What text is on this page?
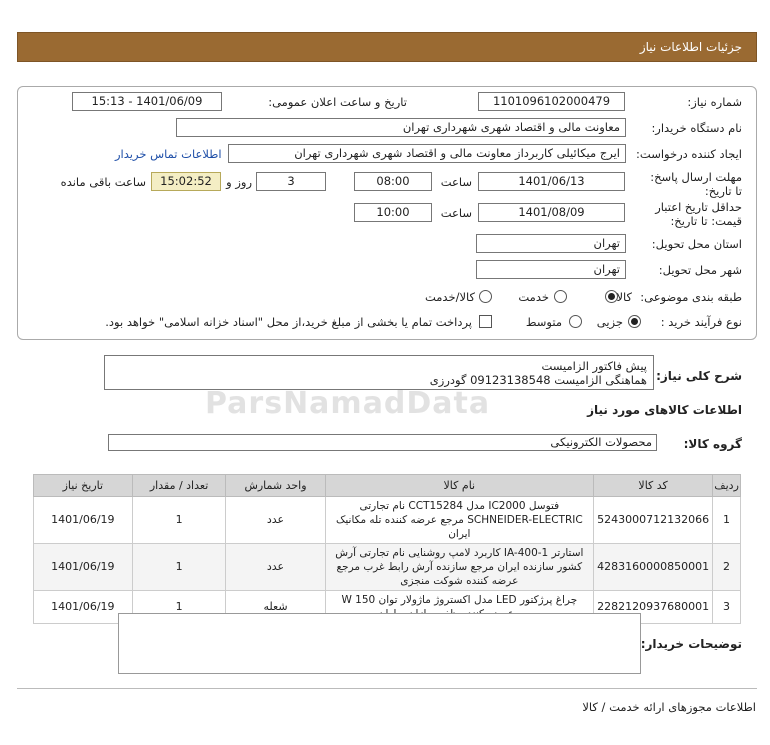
جزئیات اطلاعات نیاز
شماره نیاز:
1101096102000479
تاریخ و ساعت اعلان عمومی:
1401/06/09 - 15:13
نام دستگاه خریدار:
معاونت مالی و اقتصاد شهری شهرداری تهران
ایجاد کننده درخواست:
ایرج میکائیلی کاربرداز معاونت مالی و اقتصاد شهری شهرداری تهران
اطلاعات تماس خریدار
مهلت ارسال پاسخ: تا تاریخ:
1401/06/13
ساعت
08:00
3
روز و
15:02:52
ساعت باقی مانده
حداقل تاریخ اعتبار قیمت: تا تاریخ:
1401/08/09
ساعت
10:00
استان محل تحویل:
تهران
شهر محل تحویل:
تهران
طبقه بندی موضوعی:
کالا
خدمت
کالا/خدمت
نوع فرآیند خرید :
جزیی
متوسط
پرداخت تمام یا بخشی از مبلغ خرید،از محل "اسناد خزانه اسلامی" خواهد بود.
شرح کلی نیاز:
پیش فاکتور الزامیست
هماهنگی الزامیست 09123138548 گودرزی
ParsNamadData	اطلاعات کالاهای مورد نیاز
گروه کالا:
محصولات الکترونیکی
ردیف	کد کالا	نام کالا	واحد شمارش	تعداد / مقدار	تاریخ نیاز
1	5243000712132066	فتوسل IC2000 مدل CCT15284 نام تجارتی SCHNEIDER-ELECTRIC مرجع عرضه کننده تله مکانیک ایران	عدد	1	1401/06/19
2	4283160000850001	استارتر IA-400-1 کاربرد لامپ روشنایی نام تجارتی آرش کشور سازنده ایران مرجع سازنده آرش رابط غرب مرجع عرضه کننده شوکت منجزی	عدد	1	1401/06/19
3	2282120937680001	چراغ پرژکتور LED مدل اکستروژ ماژولار توان W 150	شعله	1	1401/06/19
توضیحات خریدار:
اطلاعات مجوزهای ارائه خدمت / کالا
